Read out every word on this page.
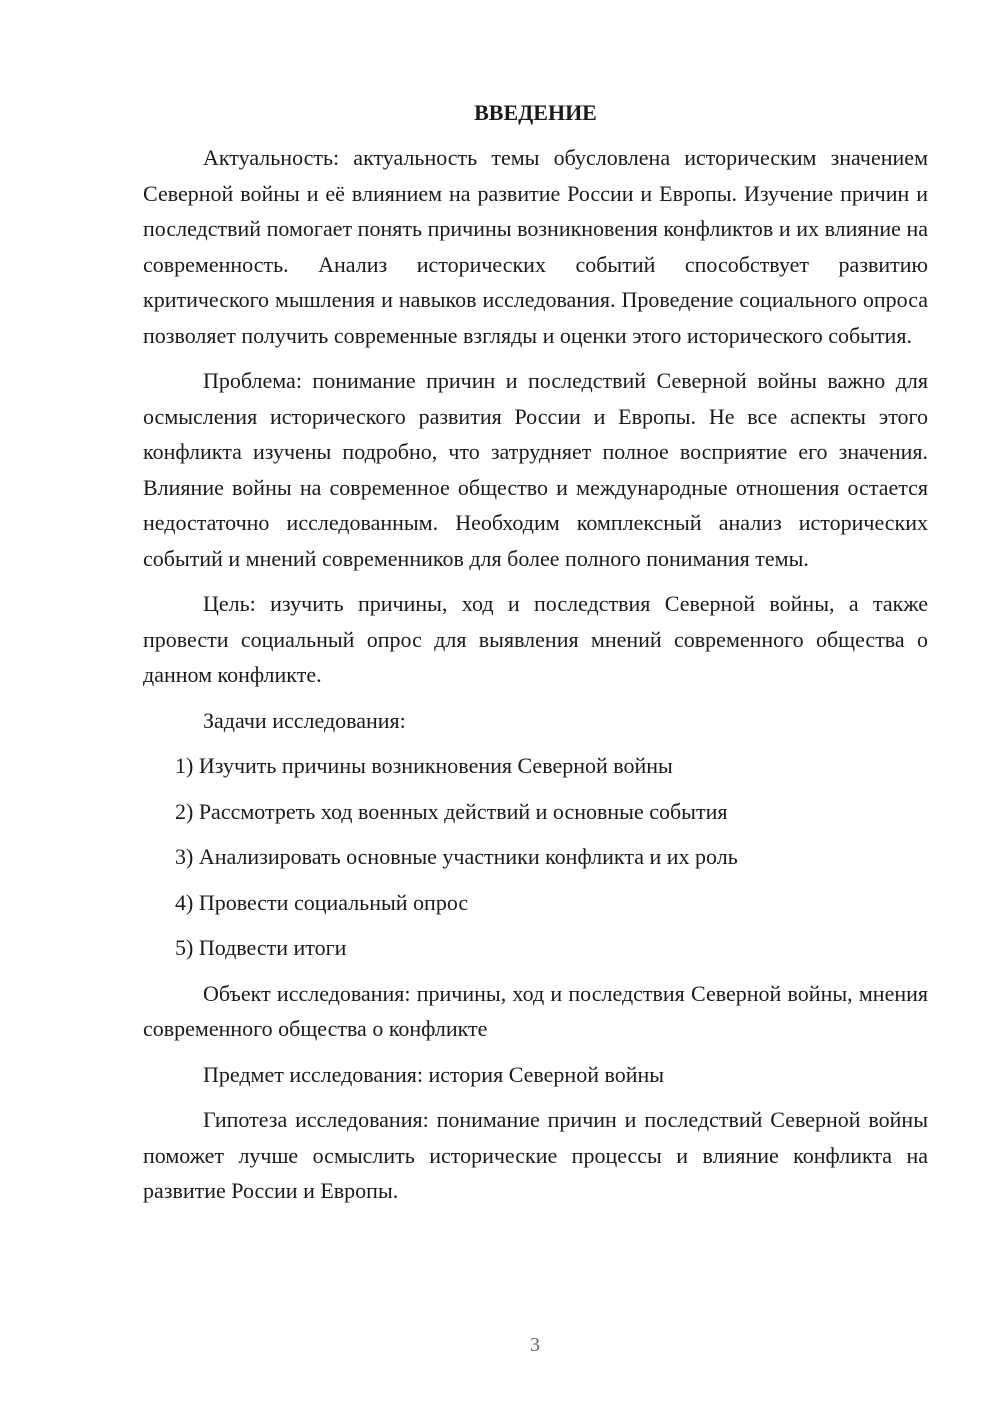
ВВЕДЕНИЕ

Актуальность: актуальность темы обусловлена историческим значением Северной войны и её влиянием на развитие России и Европы. Изучение причин и последствий помогает понять причины возникновения конфликтов и их влияние на современность. Анализ исторических событий способствует развитию критического мышления и навыков исследования. Проведение социального опроса позволяет получить современные взгляды и оценки этого исторического события.

Проблема: понимание причин и последствий Северной войны важно для осмысления исторического развития России и Европы. Не все аспекты этого конфликта изучены подробно, что затрудняет полное восприятие его значения. Влияние войны на современное общество и международные отношения остается недостаточно исследованным. Необходим комплексный анализ исторических событий и мнений современников для более полного понимания темы.

Цель: изучить причины, ход и последствия Северной войны, а также провести социальный опрос для выявления мнений современного общества о данном конфликте.

Задачи исследования:

1) Изучить причины возникновения Северной войны
2) Рассмотреть ход военных действий и основные события
3) Анализировать основные участники конфликта и их роль
4) Провести социальный опрос
5) Подвести итоги

Объект исследования: причины, ход и последствия Северной войны, мнения современного общества о конфликте

Предмет исследования: история Северной войны

Гипотеза исследования: понимание причин и последствий Северной войны поможет лучше осмыслить исторические процессы и влияние конфликта на развитие России и Европы.

3
